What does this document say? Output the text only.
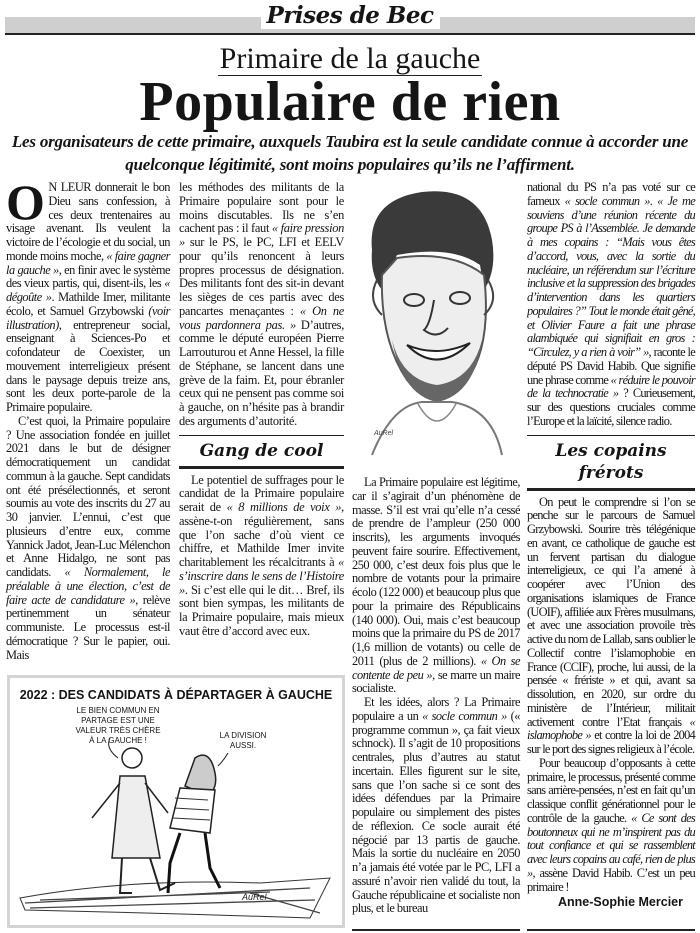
Prises de Bec
Primaire de la gauche
Populaire de rien
Les organisateurs de cette primaire, auxquels Taubira est la seule candidate connue à accorder une quelconque légitimité, sont moins populaires qu’ils ne l’affirment.

O N LEUR donnerait le bon Dieu sans confession, à ces deux trentenaires au visage avenant. Ils veulent la victoire de l’écologie et du social, un monde moins moche, « faire gagner la gauche », en finir avec le système des vieux partis, qui, disent-ils, les « dégoûte ». Mathilde Imer, militante écolo, et Samuel Grzybowski (voir illustration), entrepreneur social, enseignant à Sciences-Po et cofondateur de Coexister, un mouvement interreligieux présent dans le paysage depuis treize ans, sont les deux porte-parole de la Primaire populaire.

C’est quoi, la Primaire populaire ? Une association fondée en juillet 2021 dans le but de désigner démocratiquement un candidat commun à la gauche. Sept candidats ont été présélectionnés, et seront soumis au vote des inscrits du 27 au 30 janvier. L’ennui, c’est que plusieurs d’entre eux, comme Yannick Jadot, Jean-Luc Mélenchon et Anne Hidalgo, ne sont pas candidats. « Normalement, le préalable à une élection, c’est de faire acte de candidature », relève pertinemment un sénateur communiste. Le processus est-il démocratique ? Sur le papier, oui. Mais

les méthodes des militants de la Primaire populaire sont pour le moins discutables. Ils ne s’en cachent pas : il faut « faire pression » sur le PS, le PC, LFI et EELV pour qu’ils renoncent à leurs propres processus de désignation. Des militants font des sit-in devant les sièges de ces partis avec des pancartes menaçantes : « On ne vous pardonnera pas. » D’autres, comme le député européen Pierre Larrouturou et Anne Hessel, la fille de Stéphane, se lancent dans une grève de la faim. Et, pour ébranler ceux qui ne pensent pas comme soi à gauche, on n’hésite pas à brandir des arguments d’autorité.

Gang de cool

Le potentiel de suffrages pour le candidat de la Primaire populaire serait de « 8 millions de voix », assène-t-on régulièrement, sans que l’on sache d’où vient ce chiffre, et Mathilde Imer invite charitablement les récalcitrants à « s’inscrire dans le sens de l’Histoire ». Si c’est elle qui le dit… Bref, ils sont bien sympas, les militants de la Primaire populaire, mais mieux vaut être d’accord avec eux.

AuRel

La Primaire populaire est légitime, car il s’agirait d’un phénomène de masse. S’il est vrai qu’elle n’a cessé de prendre de l’ampleur (250 000 inscrits), les arguments invoqués peuvent faire sourire. Effectivement, 250 000, c’est deux fois plus que le nombre de votants pour la primaire écolo (122 000) et beaucoup plus que pour la primaire des Républicains (140 000). Oui, mais c’est beaucoup moins que la primaire du PS de 2017 (1,6 million de votants) ou celle de 2011 (plus de 2 millions). « On se contente de peu », se marre un maire socialiste.

Et les idées, alors ? La Primaire populaire a un « socle commun » (« programme commun », ça fait vieux schnock). Il s’agit de 10 propositions centrales, plus d’autres au statut incertain. Elles figurent sur le site, sans que l’on sache si ce sont des idées défendues par la Primaire populaire ou simplement des pistes de réflexion. Ce socle aurait été négocié par 13 partis de gauche. Mais la sortie du nucléaire en 2050 n’a jamais été votée par le PC, LFI a assuré n’avoir rien validé du tout, la Gauche républicaine et socialiste non plus, et le bureau

national du PS n’a pas voté sur ce fameux « socle commun ». « Je me souviens d’une réunion récente du groupe PS à l’Assemblée. Je demande à mes copains : “Mais vous êtes d’accord, vous, avec la sortie du nucléaire, un référendum sur l’écriture inclusive et la suppression des brigades d’intervention dans les quartiers populaires ?” Tout le monde était gêné, et Olivier Faure a fait une phrase alambiquée qui signifiait en gros : “Circulez, y a rien à voir” », raconte le député PS David Habib. Que signifie une phrase comme « réduire le pouvoir de la technocratie » ? Curieusement, sur des questions cruciales comme l’Europe et la laïcité, silence radio.

Les copains frérots

On peut le comprendre si l’on se penche sur le parcours de Samuel Grzybowski. Sourire très télégénique en avant, ce catholique de gauche est un fervent partisan du dialogue interreligieux, ce qui l’a amené à coopérer avec l’Union des organisations islamiques de France (UOIF), affiliée aux Frères musulmans, et avec une association provoile très active du nom de Lallab, sans oublier le Collectif contre l’islamophobie en France (CCIF), proche, lui aussi, de la pensée « frériste » et qui, avant sa dissolution, en 2020, sur ordre du ministère de l’Intérieur, militait activement contre l’Etat français « islamophobe » et contre la loi de 2004 sur le port des signes religieux à l’école.

Pour beaucoup d’opposants à cette primaire, le processus, présenté comme sans arrière-pensées, n’est en fait qu’un classique conflit générationnel pour le contrôle de la gauche. « Ce sont des boutonneux qui ne m’inspirent pas du tout confiance et qui se rassemblent avec leurs copains au café, rien de plus », assène David Habib. C’est un peu primaire !

Anne-Sophie Mercier
2022 : DES CANDIDATS À DÉPARTAGER À GAUCHE
LE BIEN COMMUN EN PARTAGE EST UNE VALEUR TRÈS CHÈRE À LA GAUCHE !
LA DIVISION AUSSI.
AuRel
